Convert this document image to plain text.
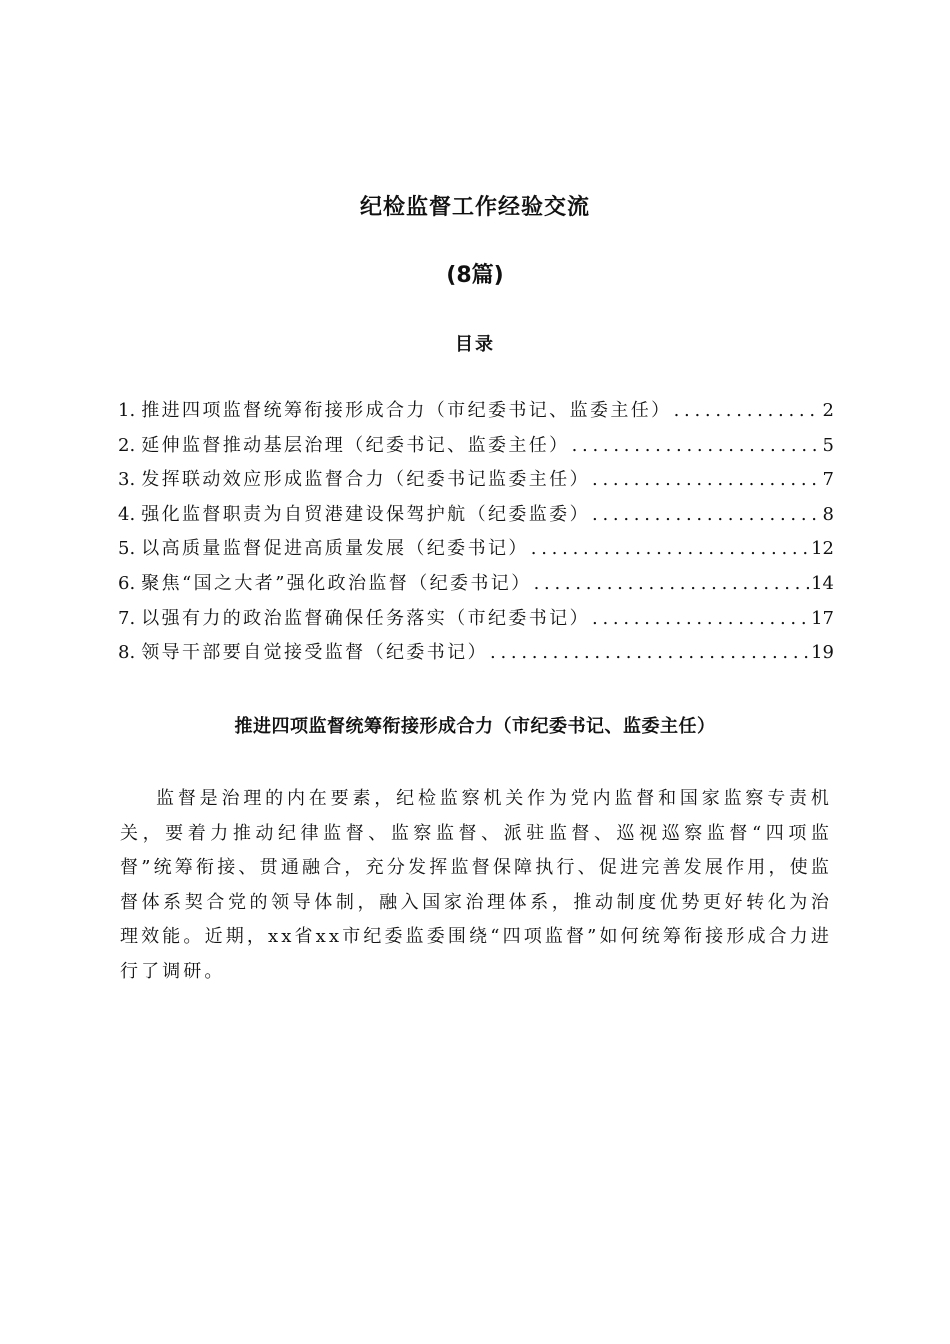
纪检监督工作经验交流
(8篇)
目录
1. 推进四项监督统筹衔接形成合力（市纪委书记、监委主任） . . .	2
2. 延伸监督推动基层治理（纪委书记、监委主任） . . .	5
3. 发挥联动效应形成监督合力（纪委书记监委主任） . . .	7
4. 强化监督职责为自贸港建设保驾护航（纪委监委） . . .	8
5. 以高质量监督促进高质量发展（纪委书记） . . .	12
6. 聚焦“国之大者”强化政治监督（纪委书记） . . .	14
7. 以强有力的政治监督确保任务落实（市纪委书记） . . .	17
8. 领导干部要自觉接受监督（纪委书记） . . .	19
推进四项监督统筹衔接形成合力（市纪委书记、监委主任）

监督是治理的内在要素，纪检监察机关作为党内监督和国家监察专责机关，要着力推动纪律监督、监察监督、派驻监督、巡视巡察监督“四项监督”统筹衔接、贯通融合，充分发挥监督保障执行、促进完善发展作用，使监督体系契合党的领导体制，融入国家治理体系，推动制度优势更好转化为治理效能。近期，xx省xx市纪委监委围绕“四项监督”如何统筹衔接形成合力进行了调研。
